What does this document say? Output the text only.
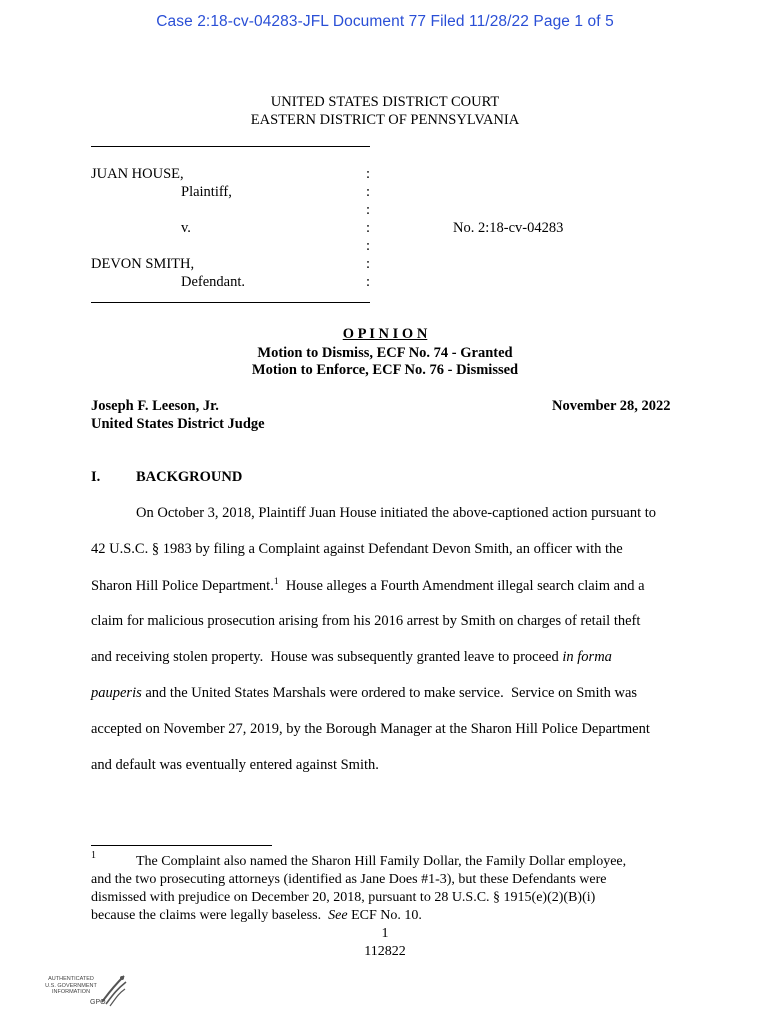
Case 2:18-cv-04283-JFL Document 77 Filed 11/28/22 Page 1 of 5
UNITED STATES DISTRICT COURT
EASTERN DISTRICT OF PENNSYLVANIA
JUAN HOUSE,
Plaintiff,
v.
DEVON SMITH,
Defendant.
:
:
:
:
:
:
:
No. 2:18-cv-04283
O P I N I O N
Motion to Dismiss, ECF No. 74 - Granted
Motion to Enforce, ECF No. 76 - Dismissed
Joseph F. Leeson, Jr.
United States District Judge
November 28, 2022
I. BACKGROUND
On October 3, 2018, Plaintiff Juan House initiated the above-captioned action pursuant to
42 U.S.C. § 1983 by filing a Complaint against Defendant Devon Smith, an officer with the
Sharon Hill Police Department.$^1$  House alleges a Fourth Amendment illegal search claim and a
claim for malicious prosecution arising from his 2016 arrest by Smith on charges of retail theft
and receiving stolen property.  House was subsequently granted leave to proceed in forma
pauperis and the United States Marshals were ordered to make service.  Service on Smith was
accepted on November 27, 2019, by the Borough Manager at the Sharon Hill Police Department
and default was eventually entered against Smith.
1	The Complaint also named the Sharon Hill Family Dollar, the Family Dollar employee,
and the two prosecuting attorneys (identified as Jane Does #1-3), but these Defendants were
dismissed with prejudice on December 20, 2018, pursuant to 28 U.S.C. § 1915(e)(2)(B)(i)
because the claims were legally baseless.  See ECF No. 10.
1
112822
AUTHENTICATED
U.S. GOVERNMENT
INFORMATION
GPO
